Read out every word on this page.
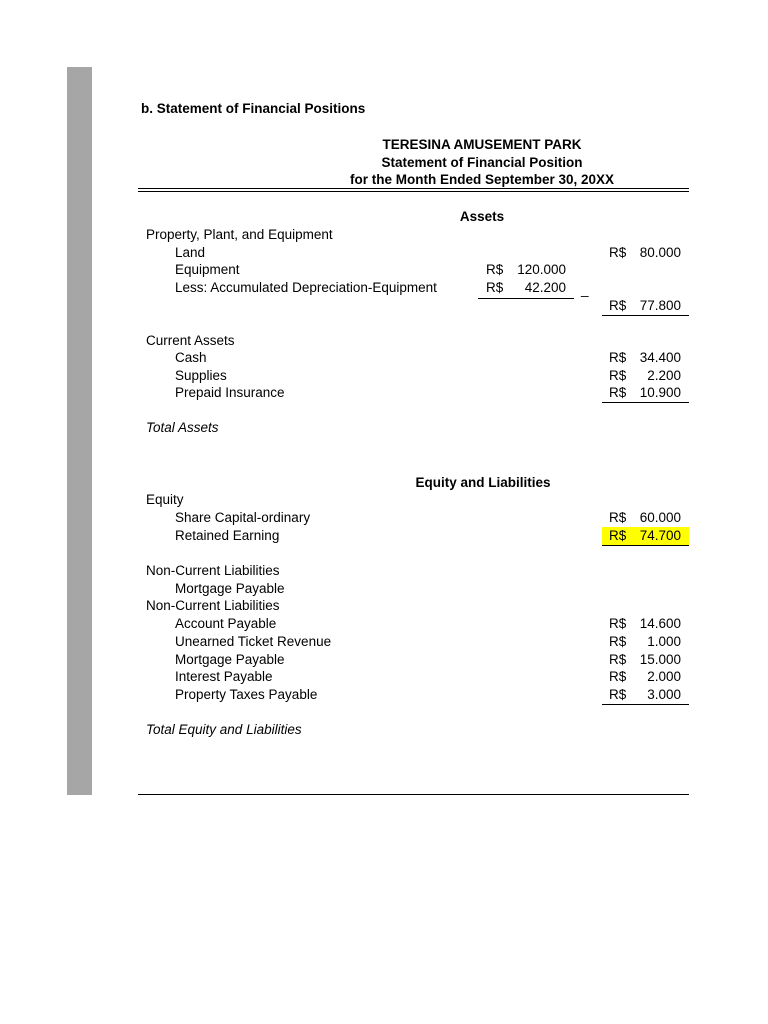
b. Statement of Financial Positions
TERESINA AMUSEMENT PARK
Statement of Financial Position
for the Month Ended September 30, 20XX
Assets
Property, Plant, and Equipment
Land	R$ 80.000
Equipment	R$ 120.000
Less: Accumulated Depreciation-Equipment	R$ 42.200 _
R$ 77.800
Current Assets
Cash	R$ 34.400
Supplies	R$ 2.200
Prepaid Insurance	R$ 10.900
Total Assets
Equity and Liabilities
Equity
Share Capital-ordinary	R$ 60.000
Retained Earning	R$ 74.700
Non-Current Liabilities
Mortgage Payable
Non-Current Liabilities
Account Payable	R$ 14.600
Unearned Ticket Revenue	R$ 1.000
Mortgage Payable	R$ 15.000
Interest Payable	R$ 2.000
Property Taxes Payable	R$ 3.000
Total Equity and Liabilities
